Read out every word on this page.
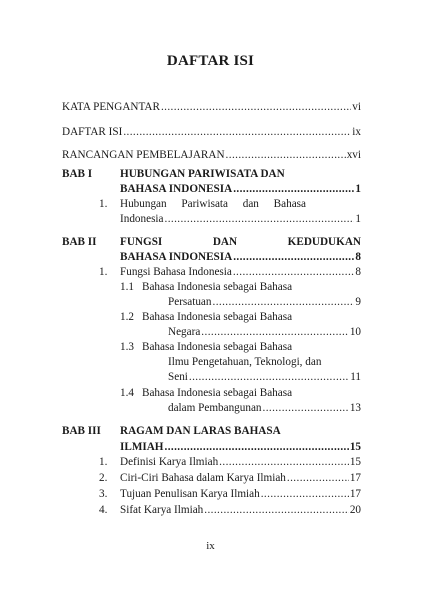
DAFTAR ISI
KATA PENGANTAR .....	vi
DAFTAR ISI .....	ix
RANCANGAN PEMBELAJARAN .....	xvi
BAB I HUBUNGAN PARIWISATA DAN
BAHASA INDONESIA .....	1
1. Hubungan Pariwisata dan Bahasa
Indonesia .....	1
BAB II FUNGSI	DAN	KEDUDUKAN
BAHASA INDONESIA .....	8
1. Fungsi Bahasa Indonesia .....	8
1.1 Bahasa Indonesia sebagai Bahasa
Persatuan .....	9
1.2 Bahasa Indonesia sebagai Bahasa
Negara .....	10
1.3 Bahasa Indonesia sebagai Bahasa
Ilmu Pengetahuan, Teknologi, dan
Seni .....	11
1.4 Bahasa Indonesia sebagai Bahasa
dalam Pembangunan .....	13
BAB III RAGAM DAN LARAS BAHASA
ILMIAH .....	15
1. Definisi Karya Ilmiah .....	15
2. Ciri-Ciri Bahasa dalam Karya Ilmiah .....	17
3. Tujuan Penulisan Karya Ilmiah .....	17
4. Sifat Karya Ilmiah .....	20
ix
